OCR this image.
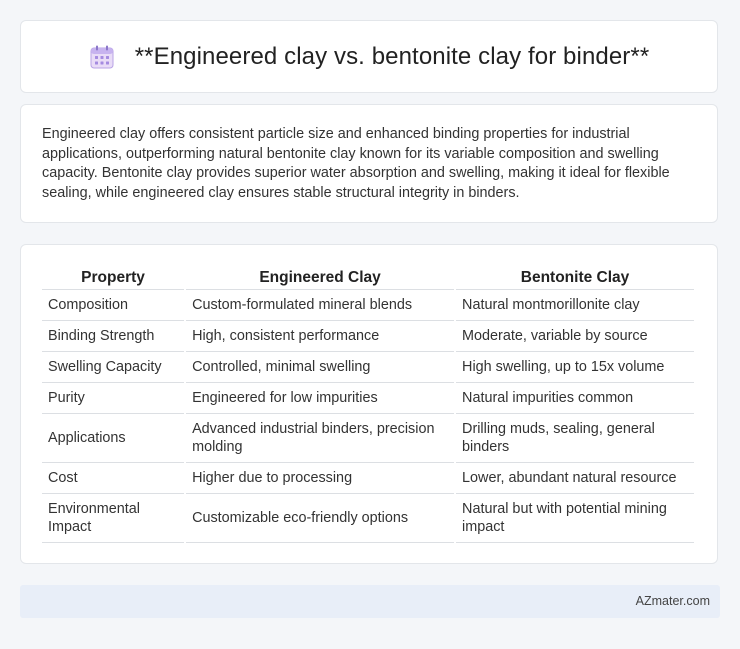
**Engineered clay vs. bentonite clay for binder**

Engineered clay offers consistent particle size and enhanced binding properties for industrial applications, outperforming natural bentonite clay known for its variable composition and swelling capacity. Bentonite clay provides superior water absorption and swelling, making it ideal for flexible sealing, while engineered clay ensures stable structural integrity in binders.

Property	Engineered Clay	Bentonite Clay
Composition	Custom-formulated mineral blends	Natural montmorillonite clay
Binding Strength	High, consistent performance	Moderate, variable by source
Swelling Capacity	Controlled, minimal swelling	High swelling, up to 15x volume
Purity	Engineered for low impurities	Natural impurities common
Applications	Advanced industrial binders, precision molding	Drilling muds, sealing, general binders
Cost	Higher due to processing	Lower, abundant natural resource
Environmental Impact	Customizable eco-friendly options	Natural but with potential mining impact
AZmater.com
